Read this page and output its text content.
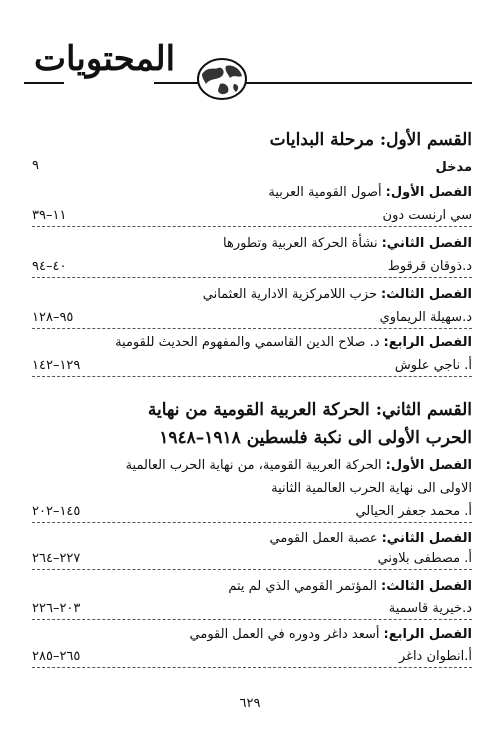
المحتويات
القسم الأول: مرحلة البدايات
مدخل
٩
الفصل الأول:أصول القومية العربية
سي ارنست دون
١١–٣٩
الفصل الثاني:نشأة الحركة العربية وتطورها
د.ذوقان قرقوط
٤٠–٩٤
الفصل الثالث:حزب اللامركزية الادارية العثماني
د.سهيلة الريماوي
٩٥–١٢٨
الفصل الرابع:د. صلاح الدين القاسمي والمفهوم الحديث للقومية
أ. ناجي علوش
١٢٩–١٤٢
القسم الثاني: الحركة العربية القومية من نهاية
الحرب الأولى الى نكبة فلسطين ١٩١٨–١٩٤٨
الفصل الأول:الحركة العربية القومية، من نهاية الحرب العالمية
الاولى الى نهاية الحرب العالمية الثانية
أ. محمد جعفر الحيالي
١٤٥–٢٠٢
الفصل الثاني:عصبة العمل القومي
أ. مصطفى بلاوني
٢٢٧–٢٦٤
الفصل الثالث:المؤتمر القومي الذي لم يتم
د.خيرية قاسمية
٢٠٣–٢٢٦
الفصل الرابع:أسعد داغر ودوره في العمل القومي
أ.انطوان داغر
٢٦٥–٢٨٥
٦٢٩
